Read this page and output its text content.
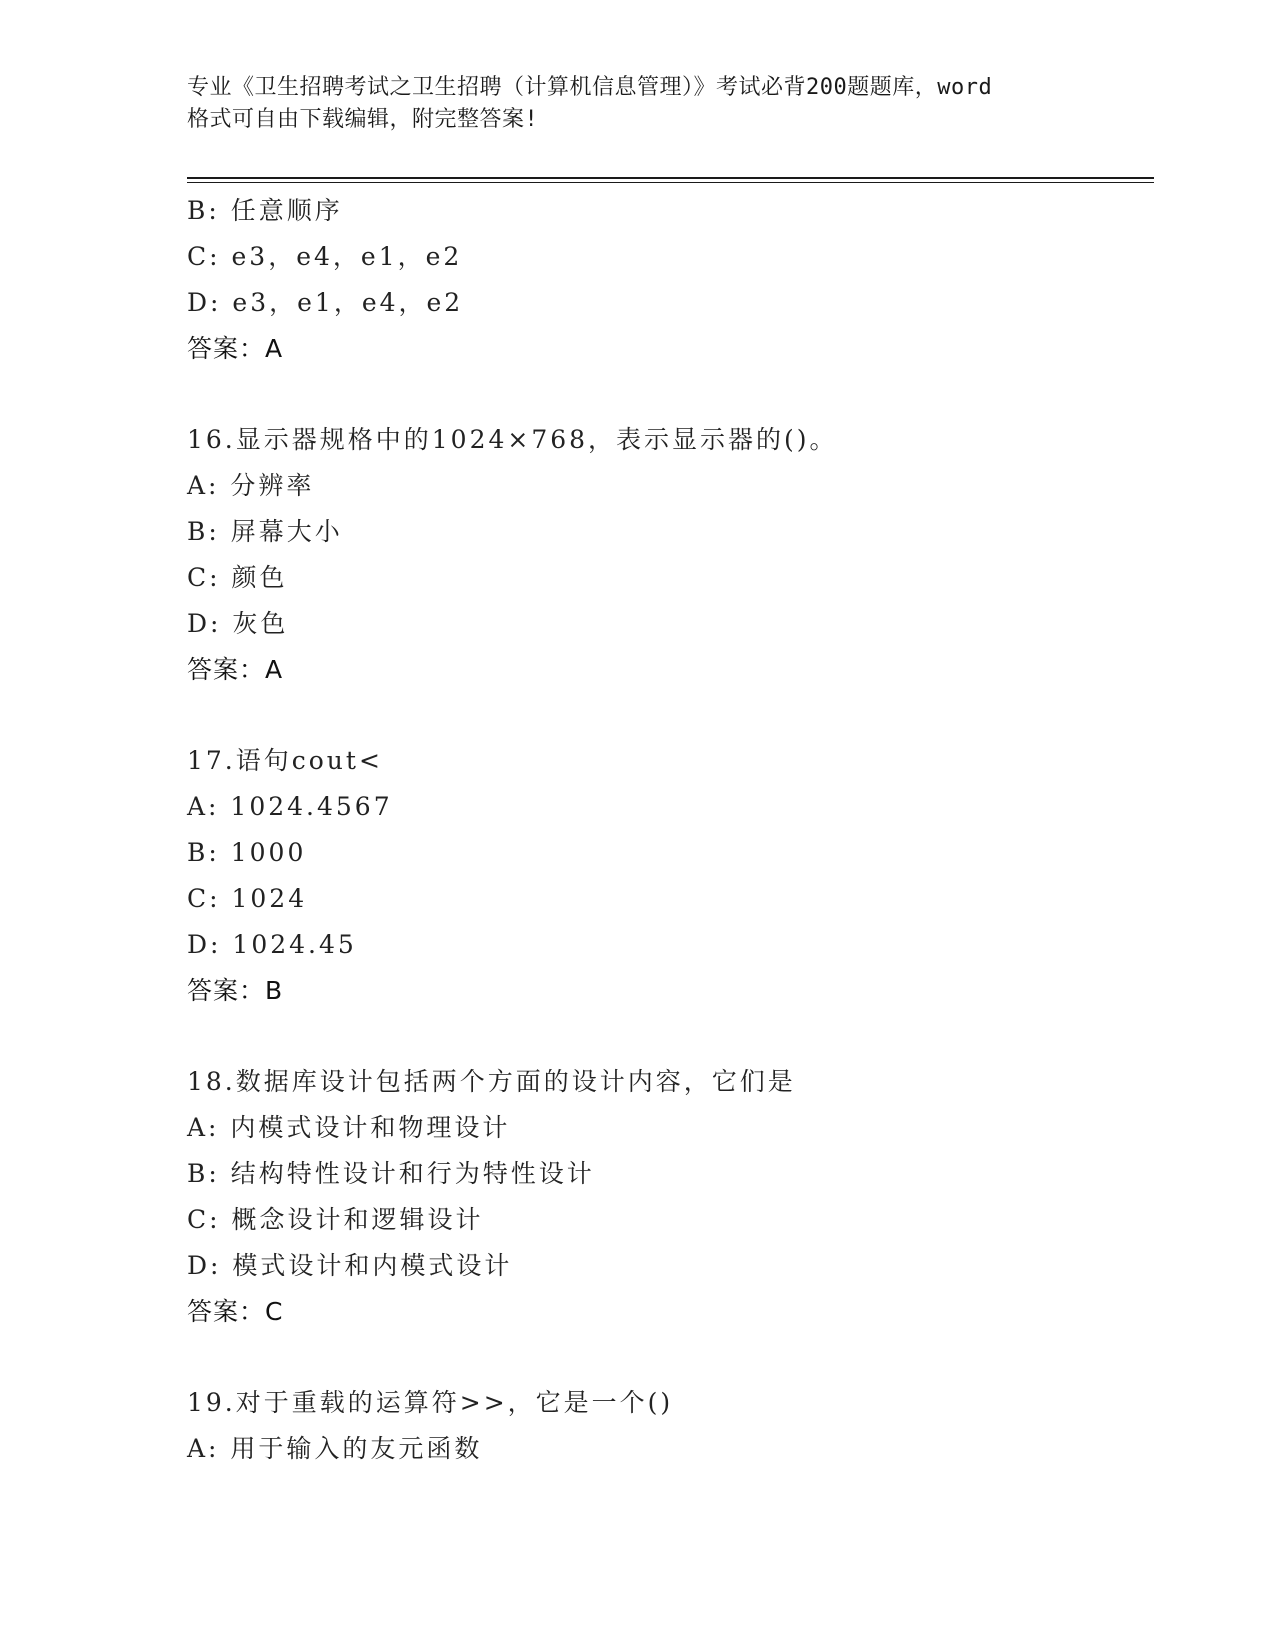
专业《卫生招聘考试之卫生招聘（计算机信息管理）》考试必背200题题库，word
格式可自由下载编辑，附完整答案!
B: 任意顺序
C: e3，e4，e1，e2
D: e3，e1，e4，e2
答案：A
16.显示器规格中的1024×768，表示显示器的()。
A: 分辨率
B: 屏幕大小
C: 颜色
D: 灰色
答案：A
17.语句cout<
A: 1024.4567
B: 1000
C: 1024
D: 1024.45
答案：B
18.数据库设计包括两个方面的设计内容，它们是
A: 内模式设计和物理设计
B: 结构特性设计和行为特性设计
C: 概念设计和逻辑设计
D: 模式设计和内模式设计
答案：C
19.对于重载的运算符>>，它是一个()
A: 用于输入的友元函数
